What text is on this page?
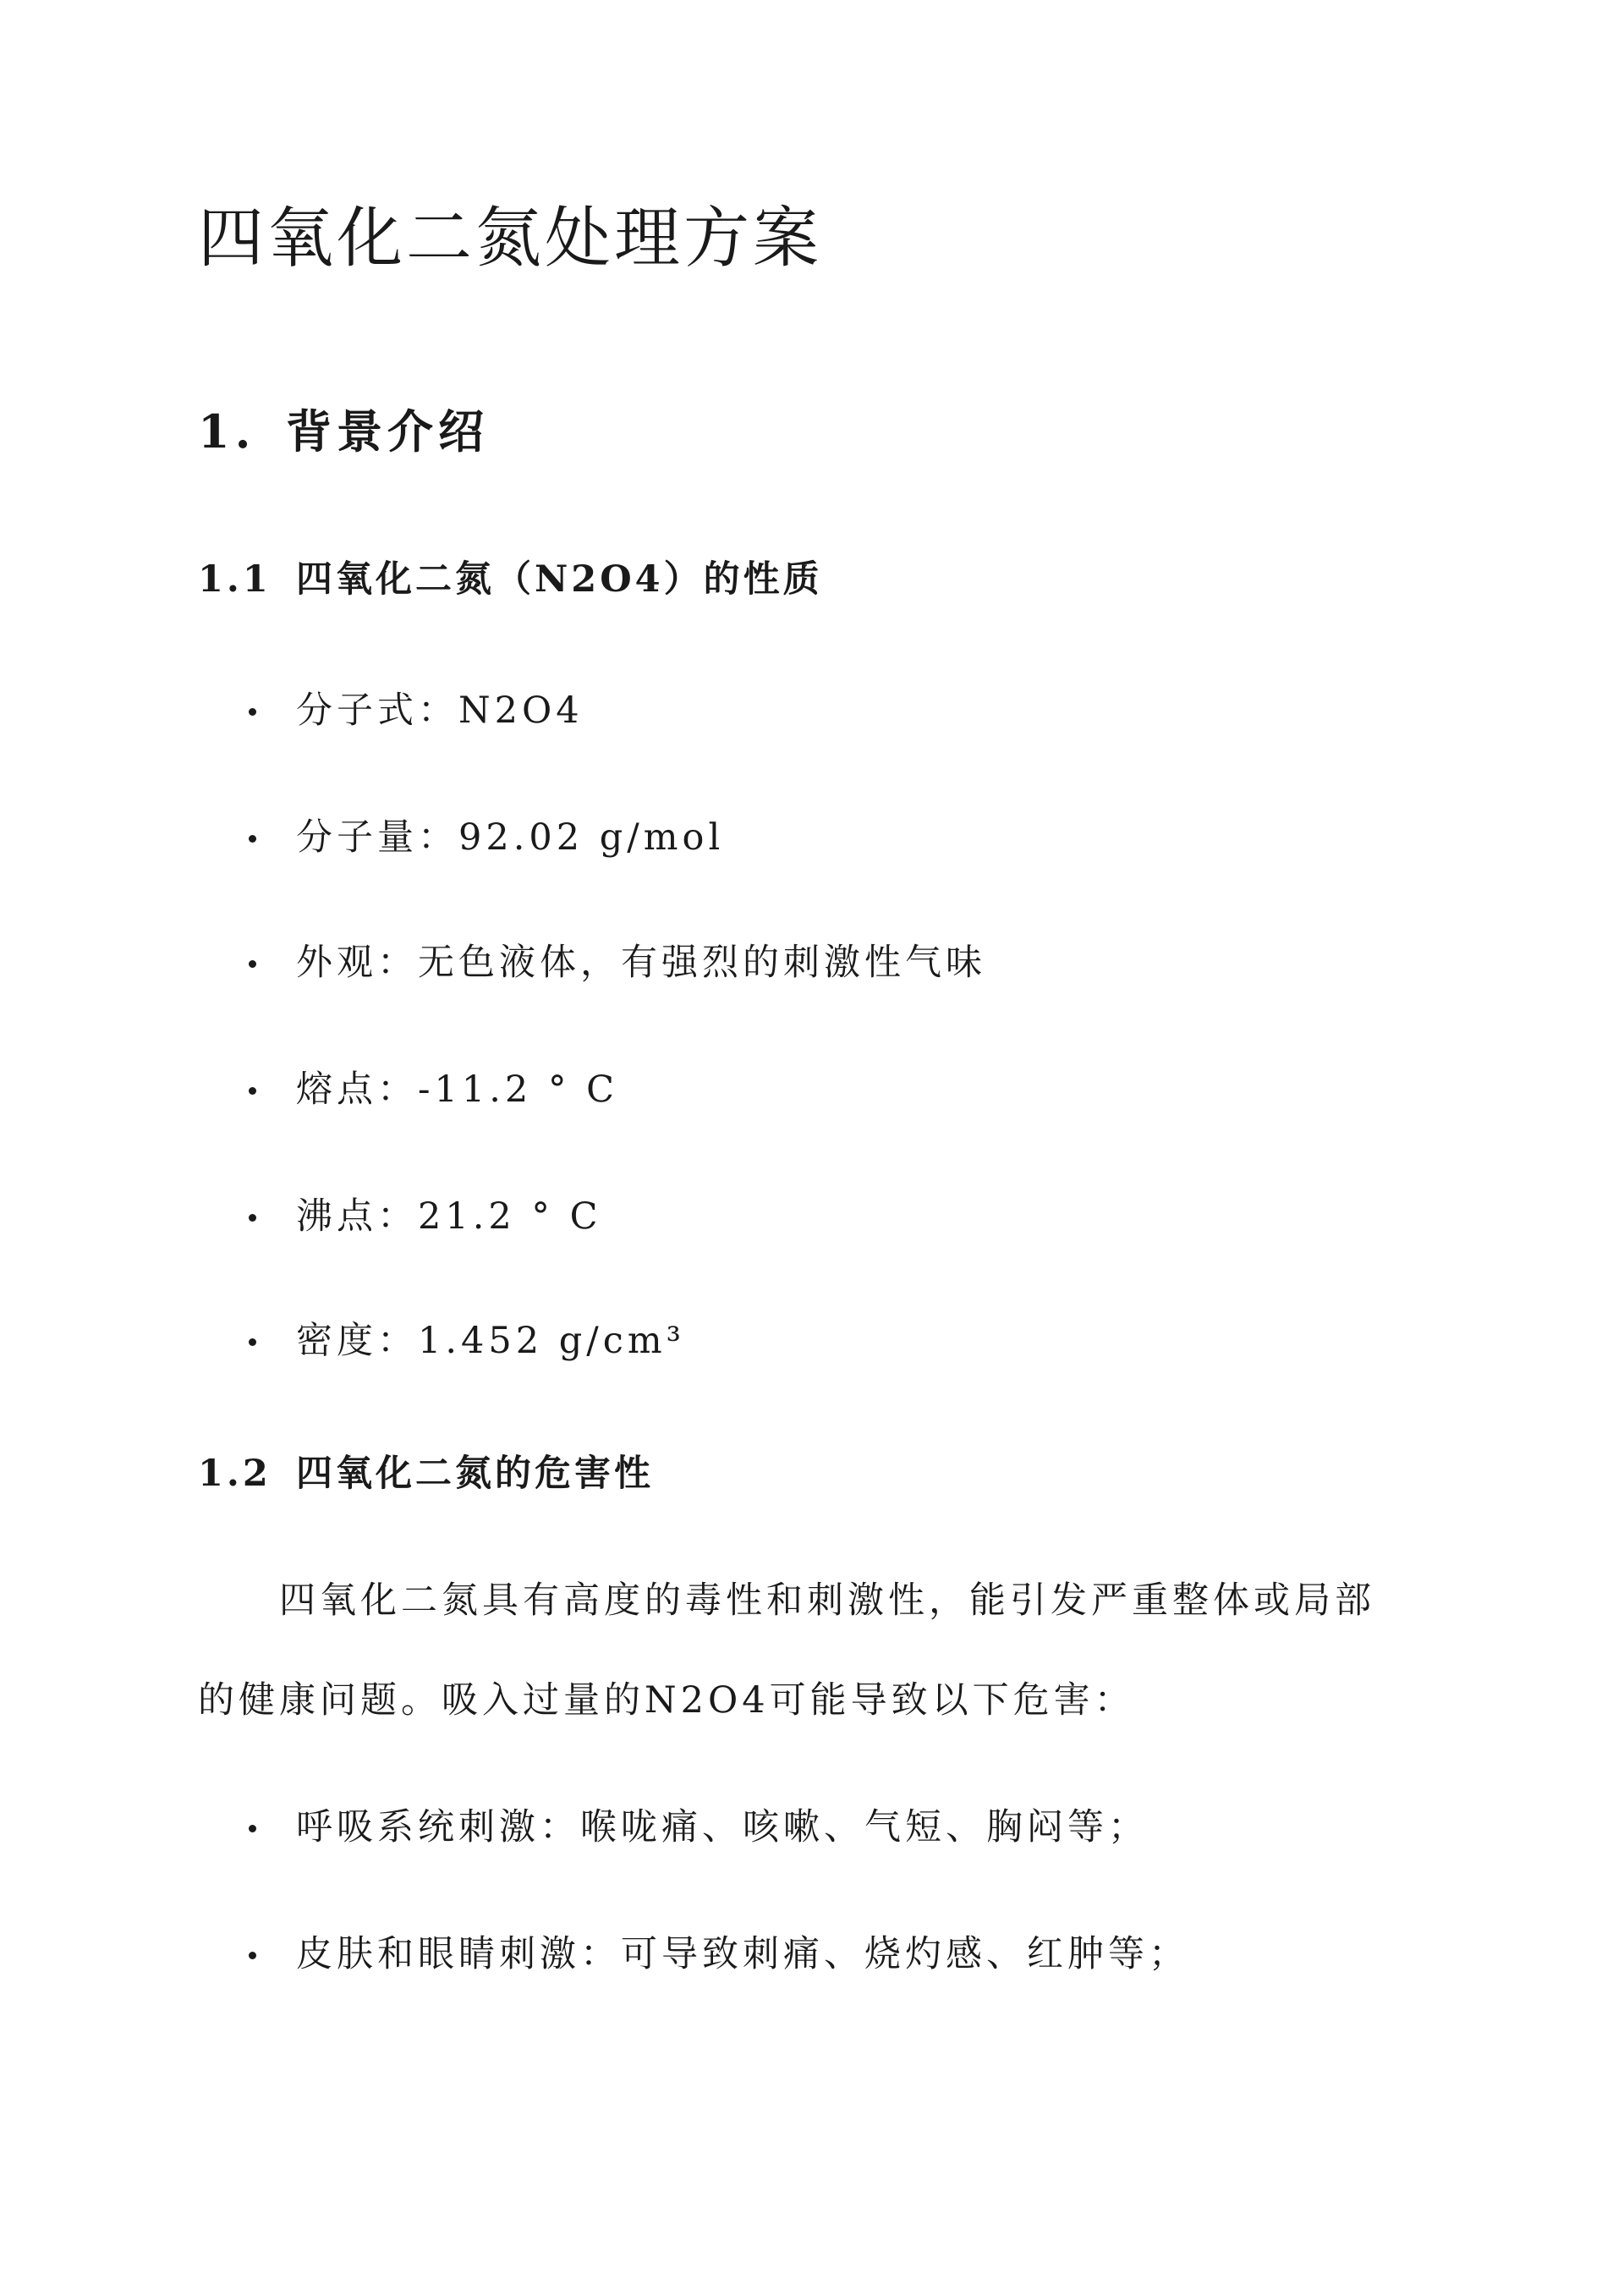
四氧化二氮处理方案
1. 背景介绍
1.1 四氧化二氮（N2O4）的性质
分子式：N2O4
分子量：92.02 g/mol
外观：无色液体，有强烈的刺激性气味
熔点：-11.2 ° C
沸点：21.2 ° C
密度：1.452 g/cm³
1.2 四氧化二氮的危害性

四氧化二氮具有高度的毒性和刺激性，能引发严重整体或局部

的健康问题。吸入过量的N2O4可能导致以下危害：

呼吸系统刺激：喉咙痛、咳嗽、气短、胸闷等；
皮肤和眼睛刺激：可导致刺痛、烧灼感、红肿等；
